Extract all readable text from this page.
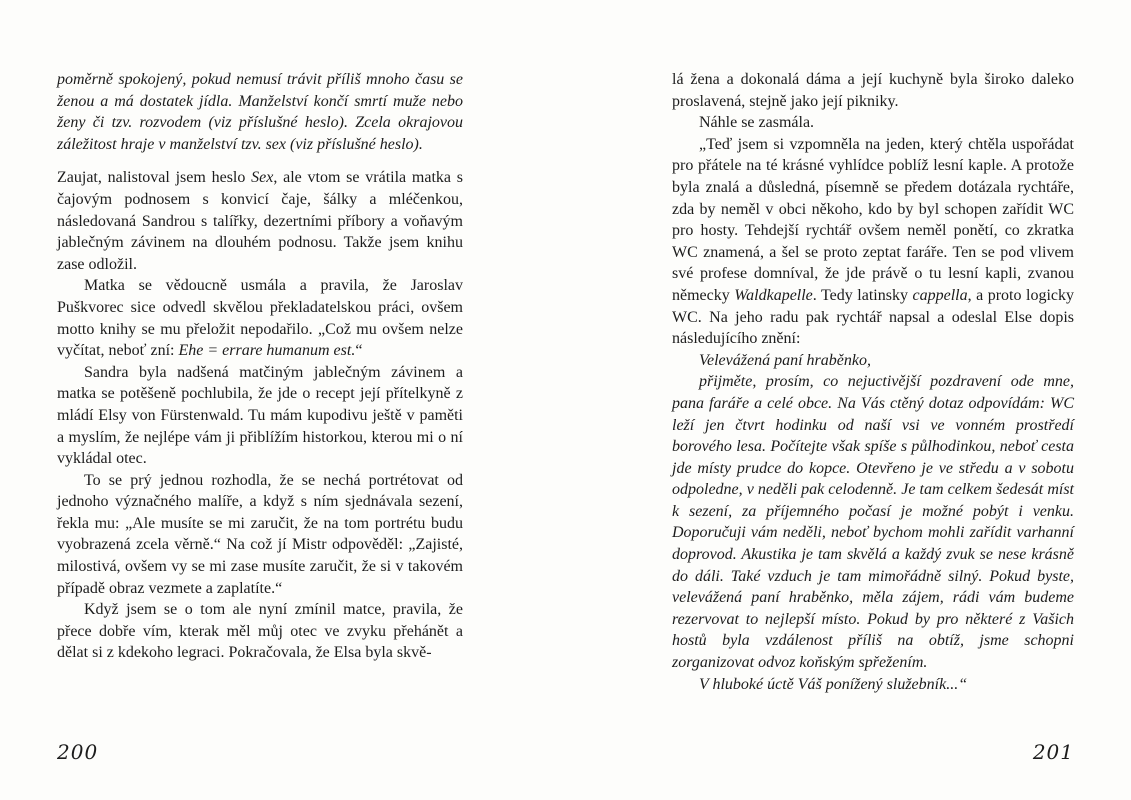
poměrně spokojený, pokud nemusí trávit příliš mnoho času se ženou a má dostatek jídla. Manželství končí smrtí muže nebo ženy či tzv. rozvodem (viz příslušné heslo). Zcela okrajovou záležitost hraje v manželství tzv. sex (viz příslušné heslo).

Zaujat, nalistoval jsem heslo Sex, ale vtom se vrátila matka s čajovým podnosem s konvicí čaje, šálky a mléčenkou, následovaná Sandrou s talířky, dezertními příbory a voňavým jablečným závinem na dlouhém podnosu. Takže jsem knihu zase odložil.

Matka se vědoucně usmála a pravila, že Jaroslav Puškvorec sice odvedl skvělou překladatelskou práci, ovšem motto knihy se mu přeložit nepodařilo. „Což mu ovšem nelze vyčítat, neboť zní: Ehe = errare humanum est.“

Sandra byla nadšená matčiným jablečným závinem a matka se potěšeně pochlubila, že jde o recept její přítelkyně z mládí Elsy von Fürstenwald. Tu mám kupodivu ještě v paměti a myslím, že nejlépe vám ji přiblížím historkou, kterou mi o ní vykládal otec.

To se prý jednou rozhodla, že se nechá portrétovat od jednoho význačného malíře, a když s ním sjednávala sezení, řekla mu: „Ale musíte se mi zaručit, že na tom portrétu budu vyobrazená zcela věrně.“ Na což jí Mistr odpověděl: „Zajisté, milostivá, ovšem vy se mi zase musíte zaručit, že si v takovém případě obraz vezmete a zaplatíte.“

Když jsem se o tom ale nyní zmínil matce, pravila, že přece dobře vím, kterak měl můj otec ve zvyku přehánět a dělat si z kdekoho legraci. Pokračovala, že Elsa byla skvě-

lá žena a dokonalá dáma a její kuchyně byla široko daleko proslavená, stejně jako její pikniky.

Náhle se zasmála.

„Teď jsem si vzpomněla na jeden, který chtěla uspořádat pro přátele na té krásné vyhlídce poblíž lesní kaple. A protože byla znalá a důsledná, písemně se předem dotázala rychtáře, zda by neměl v obci někoho, kdo by byl schopen zařídit WC pro hosty. Tehdejší rychtář ovšem neměl ponětí, co zkratka WC znamená, a šel se proto zeptat faráře. Ten se pod vlivem své profese domníval, že jde právě o tu lesní kapli, zvanou německy Waldkapelle. Tedy latinsky cappella, a proto logicky WC. Na jeho radu pak rychtář napsal a odeslal Else dopis následujícího znění:

Velevážená paní hraběnko,

přijměte, prosím, co nejuctivější pozdravení ode mne, pana faráře a celé obce. Na Vás ctěný dotaz odpovídám: WC leží jen čtvrt hodinku od naší vsi ve vonném prostředí borového lesa. Počítejte však spíše s půlhodinkou, neboť cesta jde místy prudce do kopce. Otevřeno je ve středu a v sobotu odpoledne, v neděli pak celodenně. Je tam celkem šedesát míst k sezení, za příjemného počasí je možné pobýt i venku. Doporučuji vám neděli, neboť bychom mohli zařídit varhanní doprovod. Akustika je tam skvělá a každý zvuk se nese krásně do dáli. Také vzduch je tam mimořádně silný. Pokud byste, velevážená paní hraběnko, měla zájem, rádi vám budeme rezervovat to nejlepší místo. Pokud by pro některé z Vašich hostů byla vzdálenost příliš na obtíž, jsme schopni zorganizovat odvoz koňským spřežením.

V hluboké úctě Váš ponížený služebník...“

200	201
